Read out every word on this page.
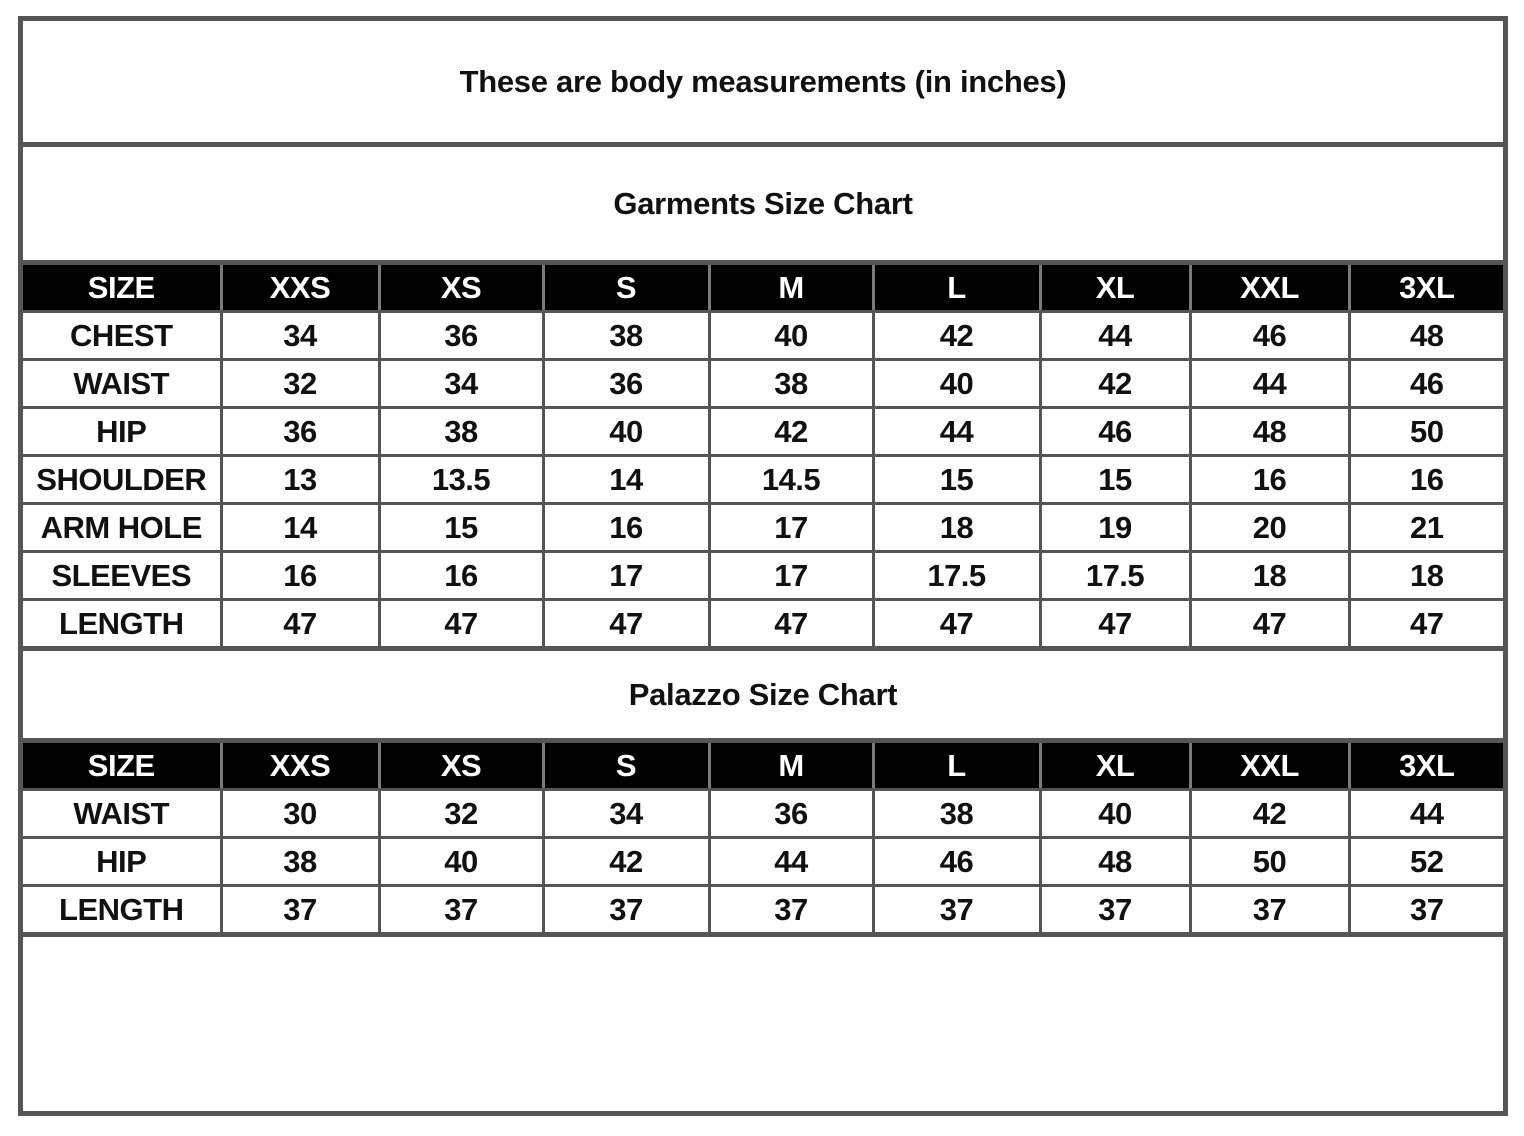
These are body measurements (in inches)
Garments Size Chart
SIZE	XXS	XS	S	M	L	XL	XXL	3XL
CHEST	34	36	38	40	42	44	46	48
WAIST	32	34	36	38	40	42	44	46
HIP	36	38	40	42	44	46	48	50
SHOULDER	13	13.5	14	14.5	15	15	16	16
ARM HOLE	14	15	16	17	18	19	20	21
SLEEVES	16	16	17	17	17.5	17.5	18	18
LENGTH	47	47	47	47	47	47	47	47
Palazzo Size Chart
SIZE	XXS	XS	S	M	L	XL	XXL	3XL
WAIST	30	32	34	36	38	40	42	44
HIP	38	40	42	44	46	48	50	52
LENGTH	37	37	37	37	37	37	37	37
